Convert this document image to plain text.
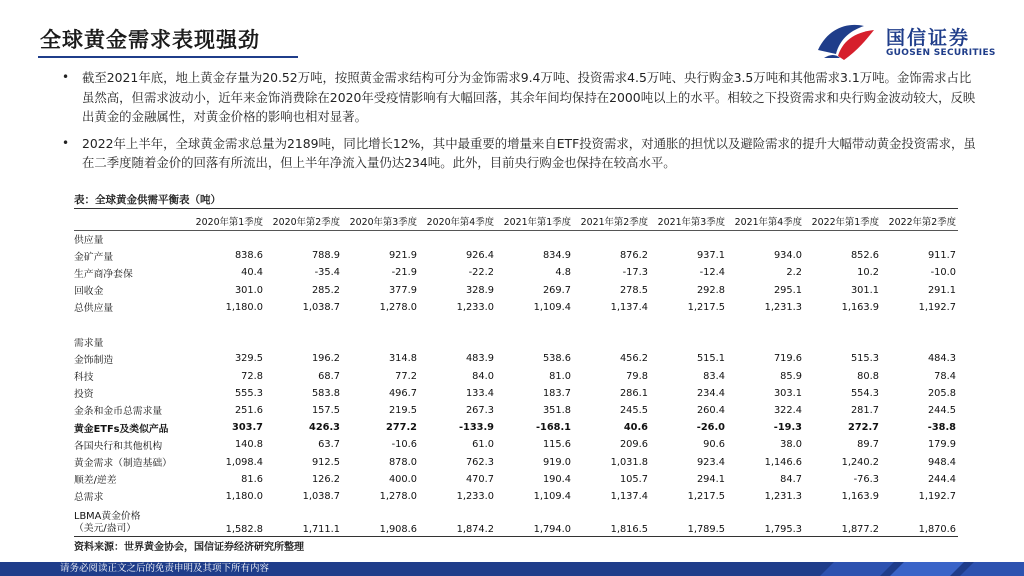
全球黄金需求表现强劲	国信证券
GUOSEN SECURITIES
• 截至2021年底，地上黄金存量为20.52万吨，按照黄金需求结构可分为金饰需求9.4万吨、投资需求4.5万吨、央行购金3.5万吨和其他需求3.1万吨。金饰需求占比虽然高，但需求波动小，近年来金饰消费除在2020年受疫情影响有大幅回落，其余年间均保持在2000吨以上的水平。相较之下投资需求和央行购金波动较大，反映出黄金的金融属性，对黄金价格的影响也相对显著。
• 2022年上半年，全球黄金需求总量为2189吨，同比增长12%，其中最重要的增量来自ETF投资需求，对通胀的担忧以及避险需求的提升大幅带动黄金投资需求，虽在二季度随着金价的回落有所流出，但上半年净流入量仍达234吨。此外，目前央行购金也保持在较高水平。
表：全球黄金供需平衡表（吨）
	2020年第1季度	2020年第2季度	2020年第3季度	2020年第4季度	2021年第1季度	2021年第2季度	2021年第3季度	2021年第4季度	2022年第1季度	2022年第2季度
供应量										
金矿产量	838.6	788.9	921.9	926.4	834.9	876.2	937.1	934.0	852.6	911.7
生产商净套保	40.4	-35.4	-21.9	-22.2	4.8	-17.3	-12.4	2.2	10.2	-10.0
回收金	301.0	285.2	377.9	328.9	269.7	278.5	292.8	295.1	301.1	291.1
总供应量	1,180.0	1,038.7	1,278.0	1,233.0	1,109.4	1,137.4	1,217.5	1,231.3	1,163.9	1,192.7

需求量										
金饰制造	329.5	196.2	314.8	483.9	538.6	456.2	515.1	719.6	515.3	484.3
科技	72.8	68.7	77.2	84.0	81.0	79.8	83.4	85.9	80.8	78.4
投资	555.3	583.8	496.7	133.4	183.7	286.1	234.4	303.1	554.3	205.8
金条和金币总需求量	251.6	157.5	219.5	267.3	351.8	245.5	260.4	322.4	281.7	244.5
黄金ETFs及类似产品	303.7	426.3	277.2	-133.9	-168.1	40.6	-26.0	-19.3	272.7	-38.8
各国央行和其他机构	140.8	63.7	-10.6	61.0	115.6	209.6	90.6	38.0	89.7	179.9
黄金需求（制造基础）	1,098.4	912.5	878.0	762.3	919.0	1,031.8	923.4	1,146.6	1,240.2	948.4
顺差/逆差	81.6	126.2	400.0	470.7	190.4	105.7	294.1	84.7	-76.3	244.4
总需求	1,180.0	1,038.7	1,278.0	1,233.0	1,109.4	1,137.4	1,217.5	1,231.3	1,163.9	1,192.7
LBMA黄金价格（美元/盎司）	1,582.8	1,711.1	1,908.6	1,874.2	1,794.0	1,816.5	1,789.5	1,795.3	1,877.2	1,870.6
资料来源：世界黄金协会，国信证券经济研究所整理
请务必阅读正文之后的免责申明及其项下所有内容
